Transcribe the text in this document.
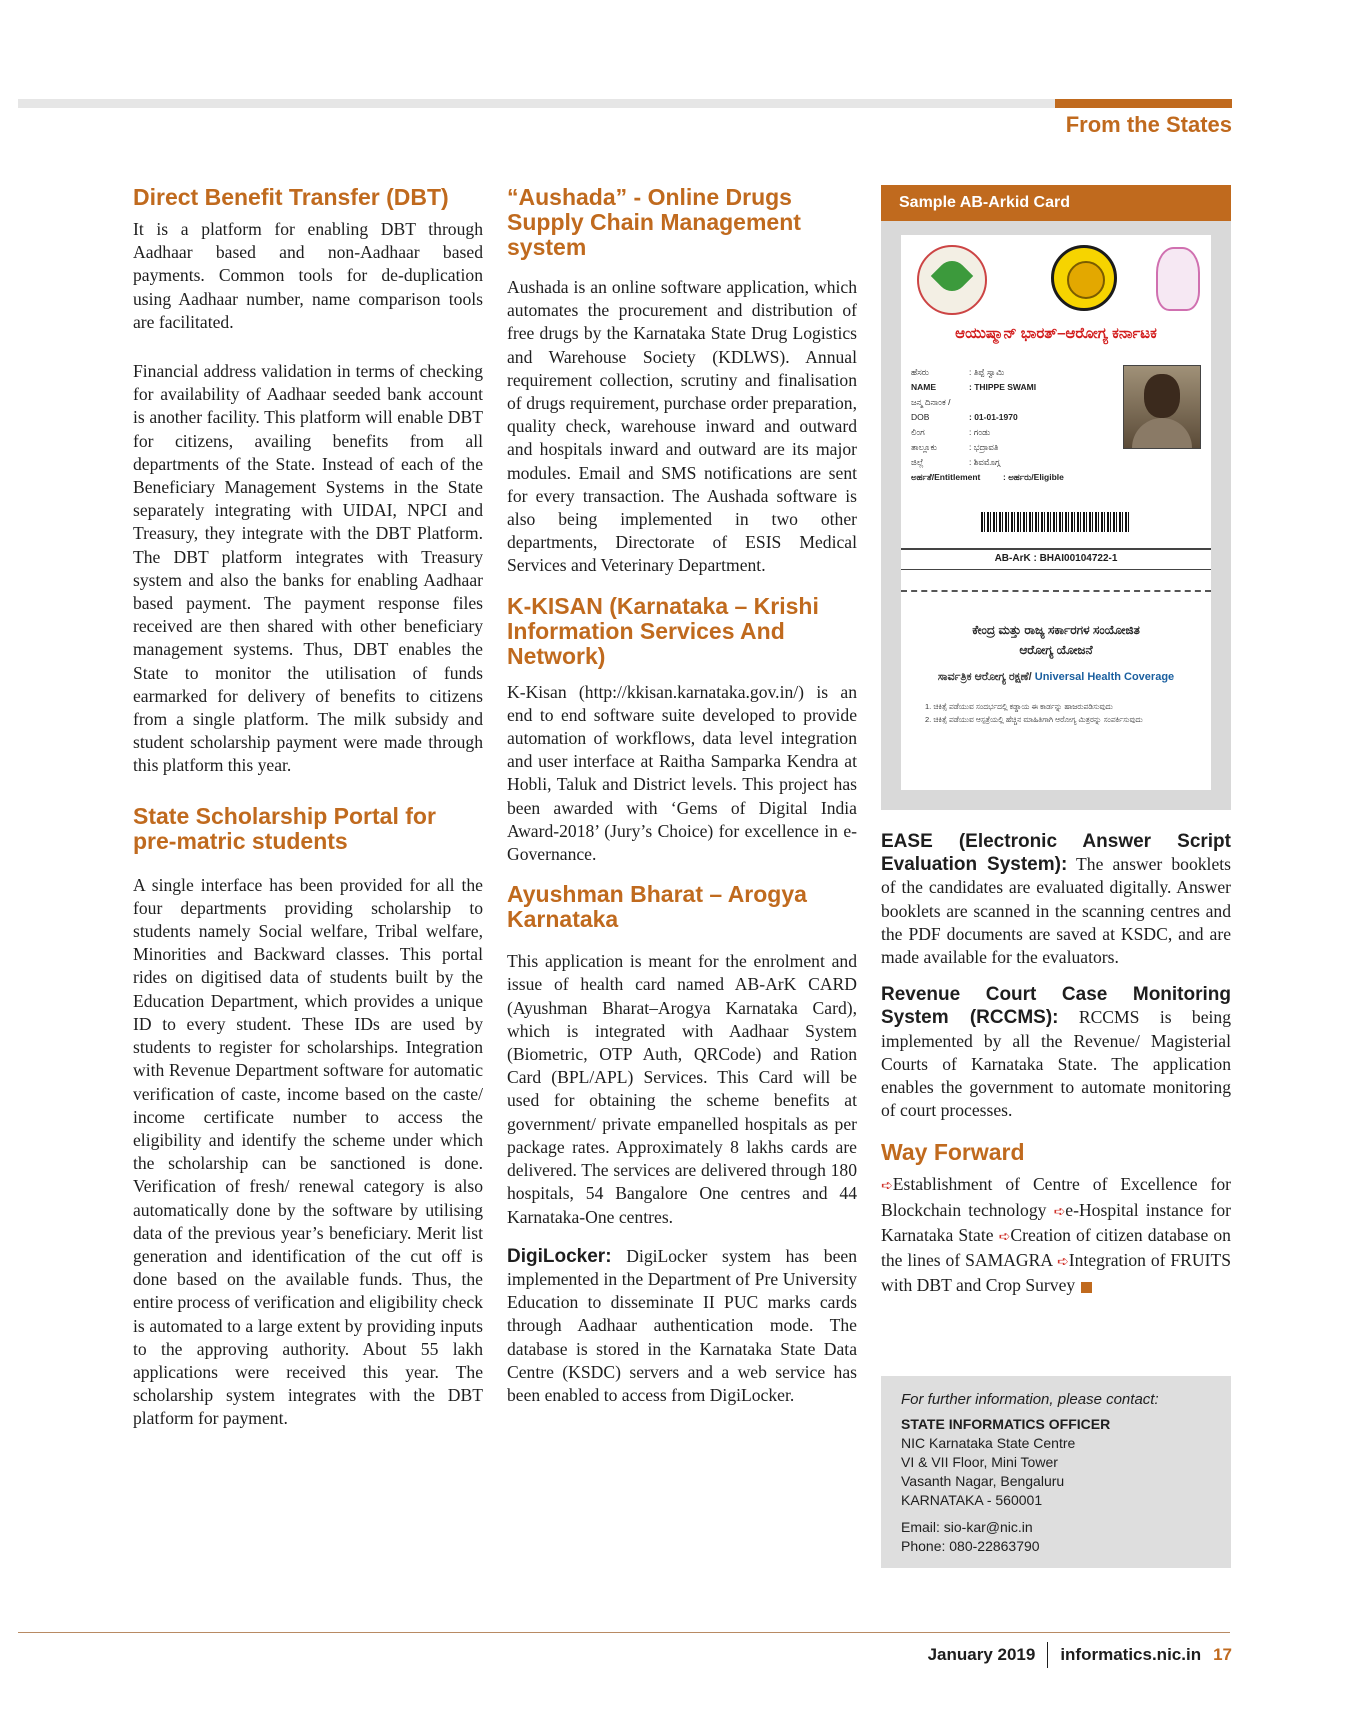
From the States
Direct Benefit Transfer (DBT)

It is a platform for enabling DBT through Aadhaar based and non-Aadhaar based payments. Common tools for de-duplication using Aadhaar number, name comparison tools are facilitated.

Financial address validation in terms of checking for availability of Aadhaar seeded bank account is another facility. This platform will enable DBT for citizens, availing benefits from all departments of the State. Instead of each of the Beneficiary Management Systems in the State separately integrating with UIDAI, NPCI and Treasury, they integrate with the DBT Platform. The DBT platform integrates with Treasury system and also the banks for enabling Aadhaar based payment. The payment response files received are then shared with other beneficiary management systems. Thus, DBT enables the State to monitor the utilisation of funds earmarked for delivery of benefits to citizens from a single platform. The milk subsidy and student scholarship payment were made through this platform this year.

State Scholarship Portal for pre-matric students

A single interface has been provided for all the four departments providing scholarship to students namely Social welfare, Tribal welfare, Minorities and Backward classes. This portal rides on digitised data of students built by the Education Department, which provides a unique ID to every student. These IDs are used by students to register for scholarships. Integration with Revenue Department software for automatic verification of caste, income based on the caste/ income certificate number to access the eligibility and identify the scheme under which the scholarship can be sanctioned is done. Verification of fresh/ renewal category is also automatically done by the software by utilising data of the previous year’s beneficiary. Merit list generation and identification of the cut off is done based on the available funds. Thus, the entire process of verification and eligibility check is automated to a large extent by providing inputs to the approving authority. About 55 lakh applications were received this year. The scholarship system integrates with the DBT platform for payment.

“Aushada” - Online Drugs Supply Chain Management system

Aushada is an online software application, which automates the procurement and distribution of free drugs by the Karnataka State Drug Logistics and Warehouse Society (KDLWS). Annual requirement collection, scrutiny and finalisation of drugs requirement, purchase order preparation, quality check, warehouse inward and outward and hospitals inward and outward are its major modules. Email and SMS notifications are sent for every transaction. The Aushada software is also being implemented in two other departments, Directorate of ESIS Medical Services and Veterinary Department.

K-KISAN (Karnataka – Krishi Information Services And Network)

K-Kisan (http://kkisan.karnataka.gov.in/) is an end to end software suite developed to provide automation of workflows, data level integration and user interface at Raitha Samparka Kendra at Hobli, Taluk and District levels. This project has been awarded with ‘Gems of Digital India Award-2018’ (Jury’s Choice) for excellence in e-Governance.

Ayushman Bharat – Arogya Karnataka

This application is meant for the enrolment and issue of health card named AB-ArK CARD (Ayushman Bharat–Arogya Karnataka Card), which is integrated with Aadhaar System (Biometric, OTP Auth, QRCode) and Ration Card (BPL/APL) Services. This Card will be used for obtaining the scheme benefits at government/ private empanelled hospitals as per package rates. Approximately 8 lakhs cards are delivered. The services are delivered through 180 hospitals, 54 Bangalore One centres and 44 Karnataka-One centres.

DigiLocker: DigiLocker system has been implemented in the Department of Pre University Education to disseminate II PUC marks cards through Aadhaar authentication mode. The database is stored in the Karnataka State Data Centre (KSDC) servers and a web service has been enabled to access from DigiLocker.

Sample AB-Arkid Card
ಆಯುಷ್ಮಾನ್ ಭಾರತ್–ಆರೋಗ್ಯ ಕರ್ನಾಟಕ
ಹೆಸರು	: ತಿಪ್ಪೆ ಸ್ವಾಮಿ
NAME	: THIPPE SWAMI
ಜನ್ಮ ದಿನಾಂಕ / DOB	: 01-01-1970
ಲಿಂಗ	: ಗಂಡು
ತಾಲ್ಲೂಕು	: ಭದ್ರಾವತಿ
ಜಿಲ್ಲೆ	: ಶಿವಮೊಗ್ಗ
ಅರ್ಹತೆ/Entitlement	: ಅರ್ಹರು/Eligible
AB-ArK : BHAI00104722-1
ಕೇಂದ್ರ ಮತ್ತು ರಾಜ್ಯ ಸರ್ಕಾರಗಳ ಸಂಯೋಜಿತ
ಆರೋಗ್ಯ ಯೋಜನೆ
ಸಾರ್ವತ್ರಿಕ ಆರೋಗ್ಯ ರಕ್ಷಣೆ/ Universal Health Coverage
1. ಚಿಕಿತ್ಸೆ ಪಡೆಯುವ ಸಂದರ್ಭದಲ್ಲಿ ಕಡ್ಡಾಯ ಈ ಕಾರ್ಡನ್ನು ಹಾಜರುಪಡಿಸುವುದು
2. ಚಿಕಿತ್ಸೆ ಪಡೆಯುವ ಆಸ್ಪತ್ರೆಯಲ್ಲಿ ಹೆಚ್ಚಿನ ಮಾಹಿತಿಗಾಗಿ ಆರೋಗ್ಯ ಮಿತ್ರರನ್ನು ಸಂಪರ್ಕಿಸುವುದು

EASE (Electronic Answer Script Evaluation System): The answer booklets of the candidates are evaluated digitally. Answer booklets are scanned in the scanning centres and the PDF documents are saved at KSDC, and are made available for the evaluators.

Revenue Court Case Monitoring System (RCCMS): RCCMS is being implemented by all the Revenue/ Magisterial Courts of Karnataka State. The application enables the government to automate monitoring of court processes.

Way Forward

➪Establishment of Centre of Excellence for Blockchain technology ➪e-Hospital instance for Karnataka State ➪Creation of citizen database on the lines of SAMAGRA ➪Integration of FRUITS with DBT and Crop Survey

For further information, please contact:
STATE INFORMATICS OFFICER
NIC Karnataka State Centre
VI & VII Floor, Mini Tower
Vasanth Nagar, Bengaluru
KARNATAKA - 560001
Email: sio-kar@nic.in
Phone: 080-22863790
January 2019 informatics.nic.in 17
